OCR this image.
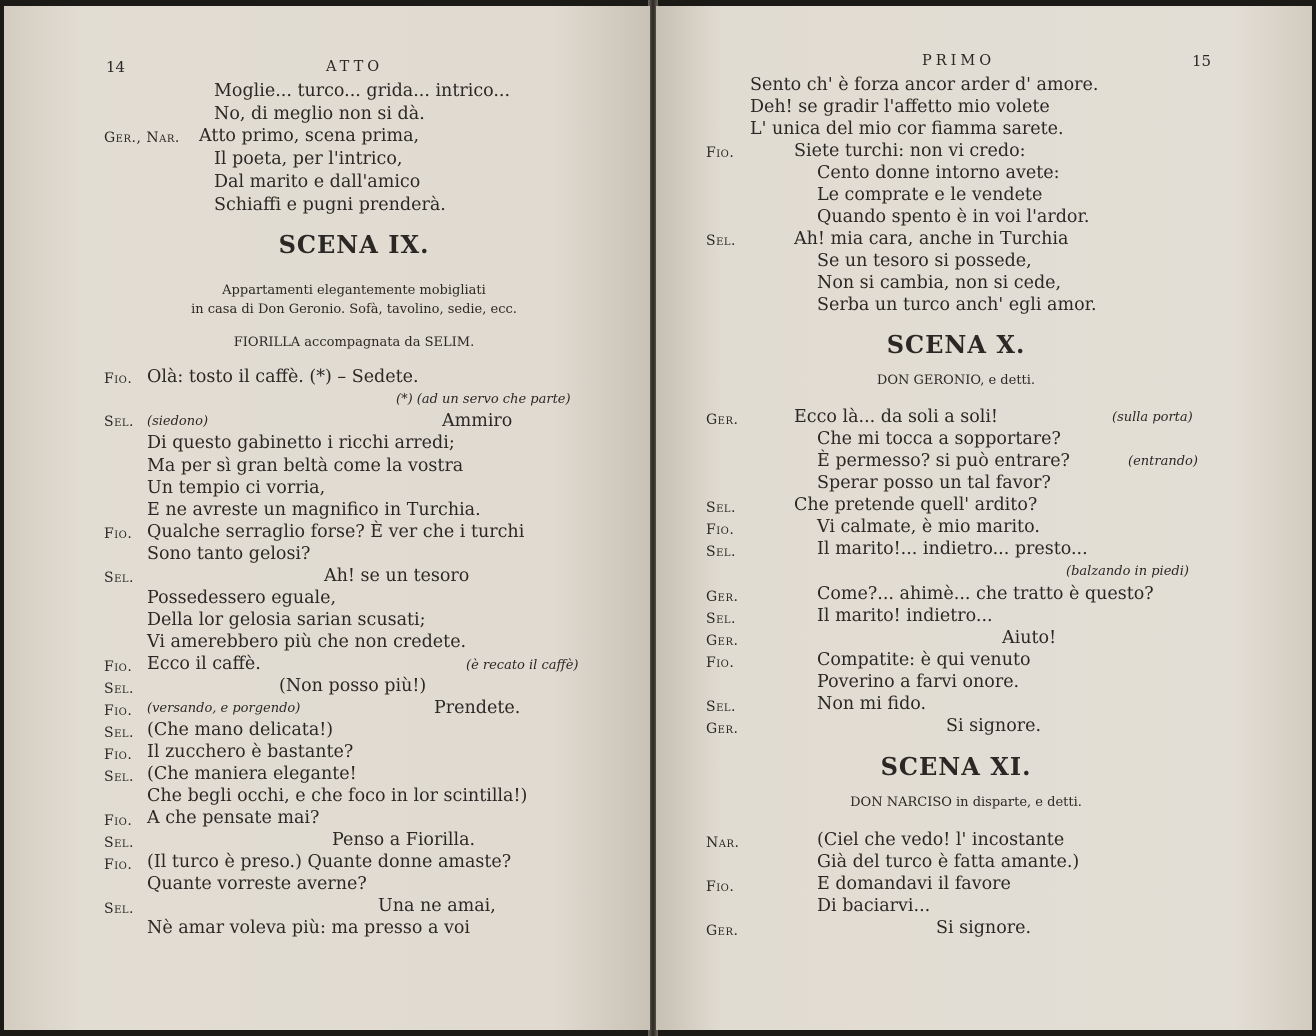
14	ATTO
Moglie... turco... grida... intrico...
No, di meglio non si dà.
Ger., Nar. Atto primo, scena prima,
Il poeta, per l'intrico,
Dal marito e dall'amico
Schiaffi e pugni prenderà.
SCENA IX.
Appartamenti elegantemente mobigliati
in casa di Don Geronio. Sofà, tavolino, sedie, ecc.
FIORILLA accompagnata da SELIM.
Fio. Olà: tosto il caffè. (*) – Sedete.
(*) (ad un servo che parte)
Sel. (siedono)	Ammiro
Di questo gabinetto i ricchi arredi;
Ma per sì gran beltà come la vostra
Un tempio ci vorria,
E ne avreste un magnifico in Turchia.
Fio. Qualche serraglio forse? È ver che i turchi
Sono tanto gelosi?
Sel.	Ah! se un tesoro
Possedessero eguale,
Della lor gelosia sarian scusati;
Vi amerebbero più che non credete.
Fio. Ecco il caffè.	(è recato il caffè)
Sel.	(Non posso più!)
Fio. (versando, e porgendo)	Prendete.
Sel. (Che mano delicata!)
Fio. Il zucchero è bastante?
Sel. (Che maniera elegante!
Che begli occhi, e che foco in lor scintilla!)
Fio. A che pensate mai?
Sel.	Penso a Fiorilla.
Fio. (Il turco è preso.) Quante donne amaste?
Quante vorreste averne?
Sel.	Una ne amai,
Nè amar voleva più: ma presso a voi
PRIMO	15
Sento ch' è forza ancor arder d' amore.
Deh! se gradir l'affetto mio volete
L' unica del mio cor fiamma sarete.
Fio.	Siete turchi: non vi credo:
Cento donne intorno avete:
Le comprate e le vendete
Quando spento è in voi l'ardor.
Sel.	Ah! mia cara, anche in Turchia
Se un tesoro si possede,
Non si cambia, non si cede,
Serba un turco anch' egli amor.
SCENA X.
DON GERONIO, e detti.
Ger.	Ecco là... da soli a soli!	(sulla porta)
Che mi tocca a sopportare?
È permesso? si può entrare?	(entrando)
Sperar posso un tal favor?
Sel.	Che pretende quell' ardito?
Fio.	Vi calmate, è mio marito.
Sel.	Il marito!... indietro... presto...
(balzando in piedi)
Ger.	Come?... ahimè... che tratto è questo?
Sel.	Il marito! indietro...
Ger.	Aiuto!
Fio.	Compatite: è qui venuto
Poverino a farvi onore.
Sel.	Non mi fido.
Ger.	Si signore.
SCENA XI.
DON NARCISO in disparte, e detti.
Nar.	(Ciel che vedo! l' incostante
Già del turco è fatta amante.)
Fio.	E domandavi il favore
Di baciarvi...
Ger.	Si signore.
